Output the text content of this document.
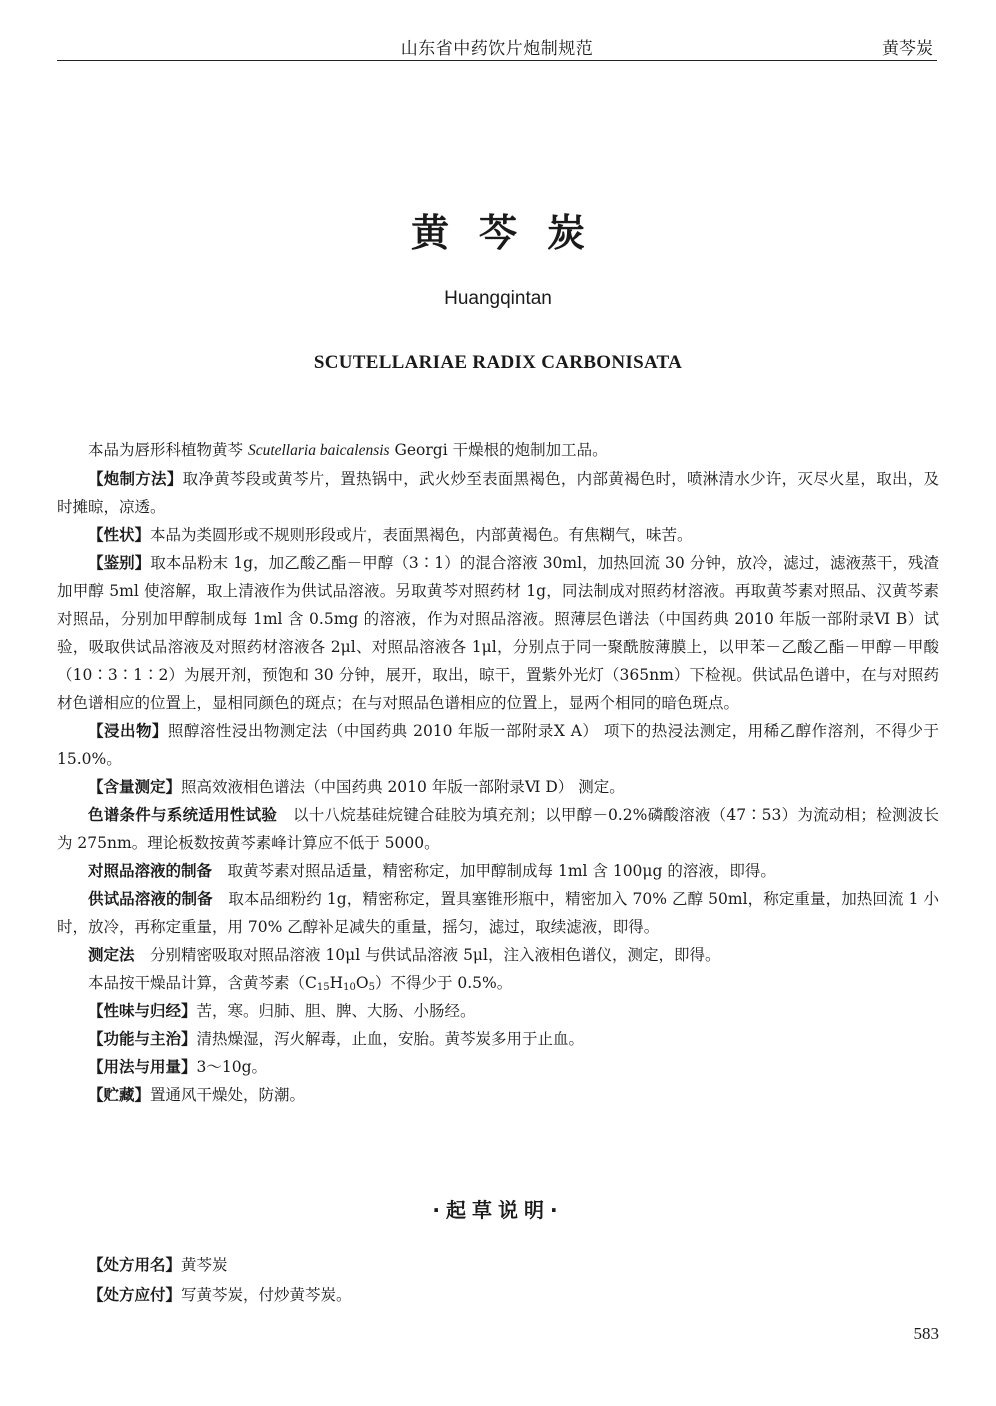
山东省中药饮片炮制规范	黄芩炭
黄芩炭
Huangqintan
SCUTELLARIAE RADIX CARBONISATA

本品为唇形科植物黄芩 Scutellaria baicalensis Georgi 干燥根的炮制加工品。

【炮制方法】取净黄芩段或黄芩片，置热锅中，武火炒至表面黑褐色，内部黄褐色时，喷淋清水少许，灭尽火星，取出，及时摊晾，凉透。

【性状】本品为类圆形或不规则形段或片，表面黑褐色，内部黄褐色。有焦糊气，味苦。

【鉴别】取本品粉末 1g，加乙酸乙酯－甲醇（3∶1）的混合溶液 30ml，加热回流 30 分钟，放冷，滤过，滤液蒸干，残渣加甲醇 5ml 使溶解，取上清液作为供试品溶液。另取黄芩对照药材 1g，同法制成对照药材溶液。再取黄芩素对照品、汉黄芩素对照品，分别加甲醇制成每 1ml 含 0.5mg 的溶液，作为对照品溶液。照薄层色谱法（中国药典 2010 年版一部附录Ⅵ B）试验，吸取供试品溶液及对照药材溶液各 2μl、对照品溶液各 1μl，分别点于同一聚酰胺薄膜上，以甲苯－乙酸乙酯－甲醇－甲酸（10∶3∶1∶2）为展开剂，预饱和 30 分钟，展开，取出，晾干，置紫外光灯（365nm）下检视。供试品色谱中，在与对照药材色谱相应的位置上，显相同颜色的斑点；在与对照品色谱相应的位置上，显两个相同的暗色斑点。

【浸出物】照醇溶性浸出物测定法（中国药典 2010 年版一部附录Ⅹ A） 项下的热浸法测定，用稀乙醇作溶剂，不得少于 15.0%。

【含量测定】照高效液相色谱法（中国药典 2010 年版一部附录Ⅵ D） 测定。

色谱条件与系统适用性试验　 以十八烷基硅烷键合硅胶为填充剂；以甲醇－0.2%磷酸溶液（47∶53）为流动相；检测波长为 275nm。理论板数按黄芩素峰计算应不低于 5000。

对照品溶液的制备　 取黄芩素对照品适量，精密称定，加甲醇制成每 1ml 含 100μg 的溶液，即得。

供试品溶液的制备　 取本品细粉约 1g，精密称定，置具塞锥形瓶中，精密加入 70% 乙醇 50ml，称定重量，加热回流 1 小时，放冷，再称定重量，用 70% 乙醇补足减失的重量，摇匀，滤过，取续滤液，即得。

测定法　 分别精密吸取对照品溶液 10μl 与供试品溶液 5μl，注入液相色谱仪，测定，即得。

本品按干燥品计算，含黄芩素$(C_{15}H_{10}O_5)$不得少于 0.5%。

【性味与归经】苦，寒。归肺、胆、脾、大肠、小肠经。

【功能与主治】清热燥湿，泻火解毒，止血，安胎。黄芩炭多用于止血。

【用法与用量】3～10g。

【贮藏】置通风干燥处，防潮。

·起草说明·

【处方用名】黄芩炭

【处方应付】写黄芩炭，付炒黄芩炭。

583
